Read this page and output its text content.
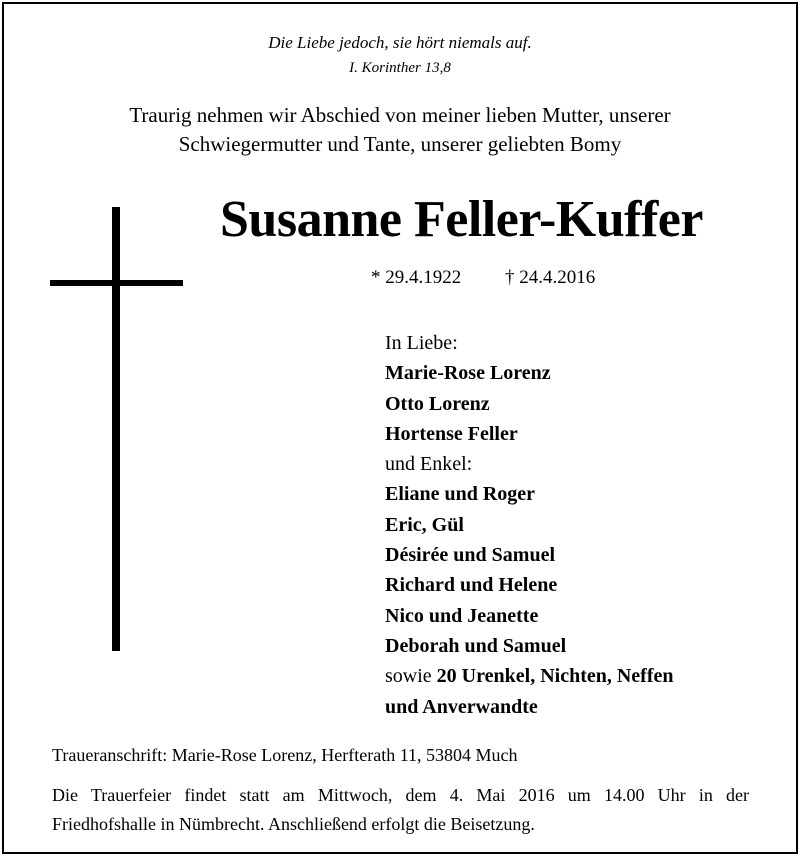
Die Liebe jedoch, sie hört niemals auf.
I. Korinther 13,8
Traurig nehmen wir Abschied von meiner lieben Mutter, unserer
Schwiegermutter und Tante, unserer geliebten Bomy
Susanne Feller-Kuffer
* 29.4.1922 † 24.4.2016
In Liebe:
Marie-Rose Lorenz
Otto Lorenz
Hortense Feller
und Enkel:
Eliane und Roger
Eric, Gül
Désirée und Samuel
Richard und Helene
Nico und Jeanette
Deborah und Samuel
sowie 20 Urenkel, Nichten, Neffen
und Anverwandte
Traueranschrift: Marie-Rose Lorenz, Herfterath 11, 53804 Much
Die Trauerfeier findet statt am Mittwoch, dem 4. Mai 2016 um 14.00 Uhr in der
Friedhofshalle in Nümbrecht. Anschließend erfolgt die Beisetzung.
